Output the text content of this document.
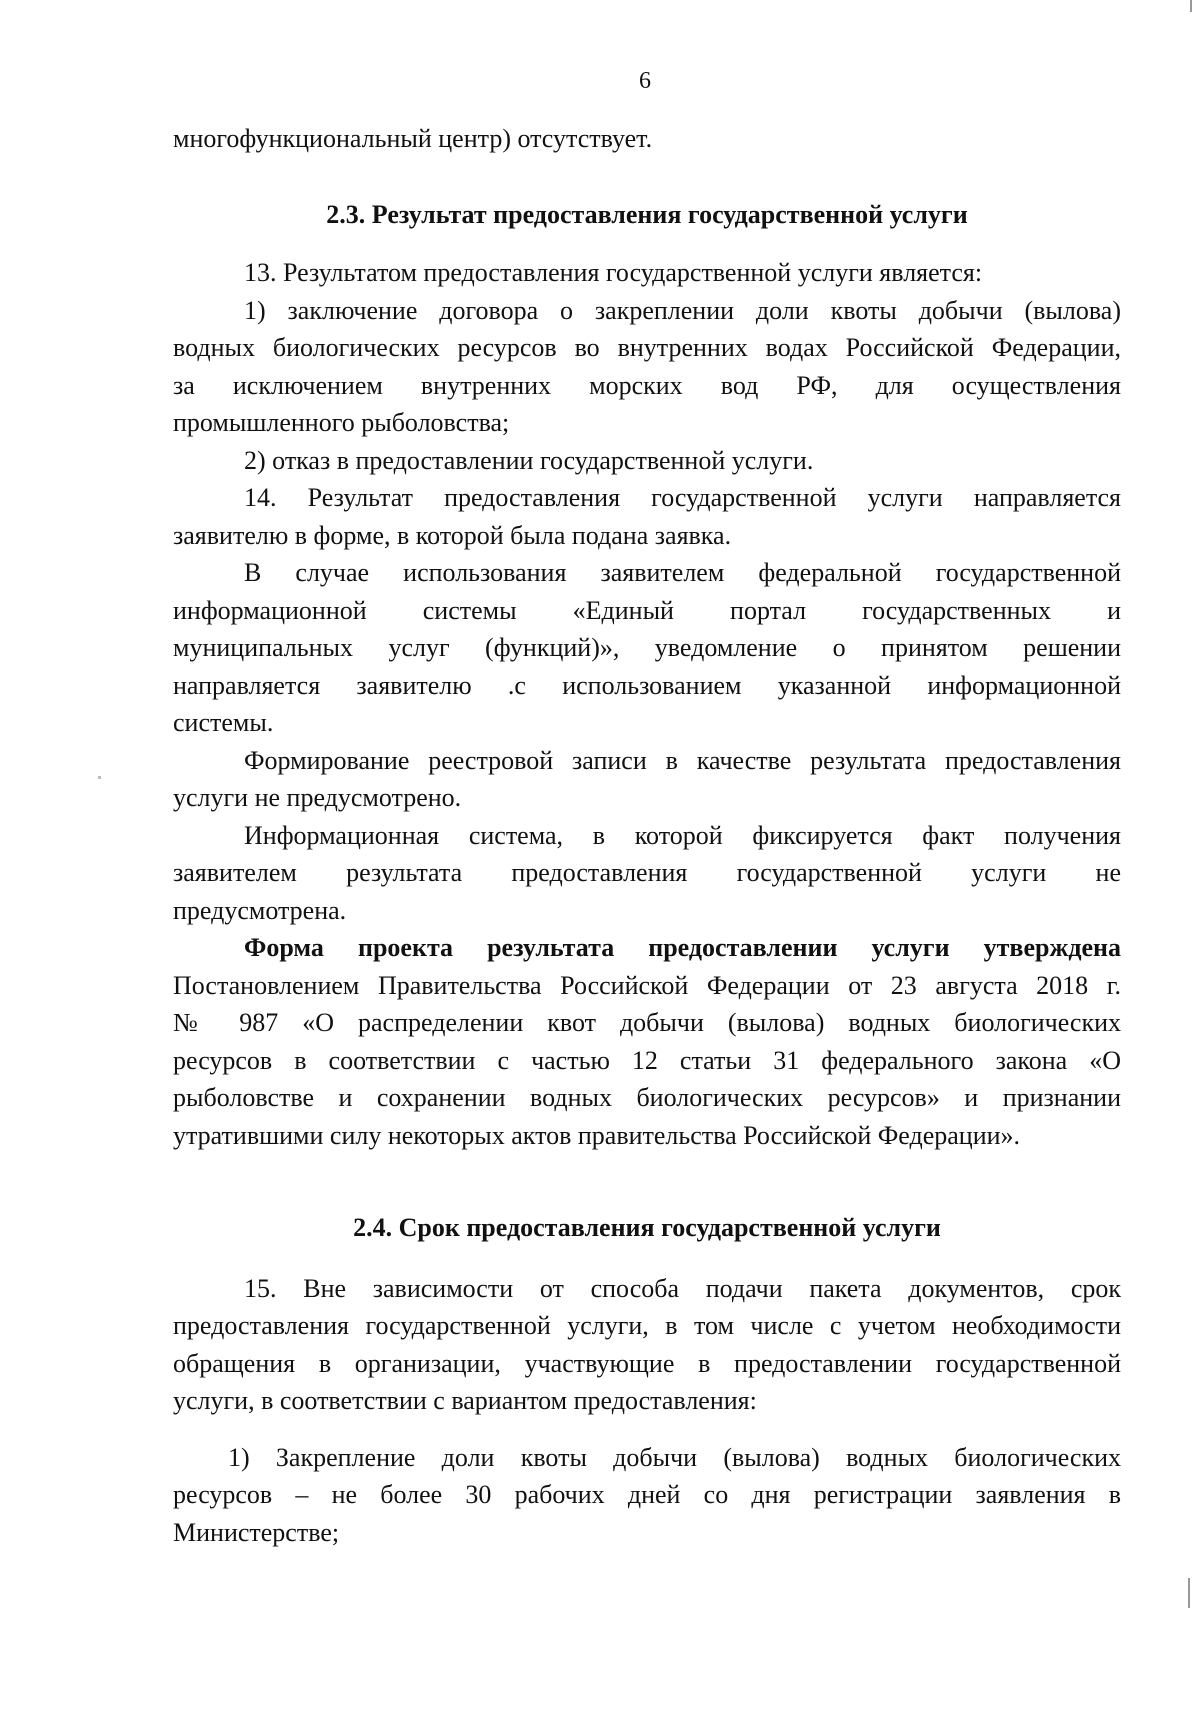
6
многофункциональный центр) отсутствует.
2.3. Результат предоставления государственной услуги
13. Результатом предоставления государственной услуги является:
1) заключение договора о закреплении доли квоты добычи (вылова)
водных биологических ресурсов во внутренних водах Российской Федерации,
за исключением внутренних морских вод РФ, для осуществления
промышленного рыболовства;
2) отказ в предоставлении государственной услуги.
14. Результат предоставления государственной услуги направляется
заявителю в форме, в которой была подана заявка.
В случае использования заявителем федеральной государственной
информационной системы «Единый портал государственных и
муниципальных услуг (функций)», уведомление о принятом решении
направляется заявителю .с использованием указанной информационной
системы.
Формирование реестровой записи в качестве результата предоставления
услуги не предусмотрено.
Информационная система, в которой фиксируется факт получения
заявителем результата предоставления государственной услуги не
предусмотрена.
Форма проекта результата предоставлении услуги утверждена
Постановлением Правительства Российской Федерации от 23 августа 2018 г.
№ 987 «О распределении квот добычи (вылова) водных биологических
ресурсов в соответствии с частью 12 статьи 31 федерального закона «О
рыболовстве и сохранении водных биологических ресурсов» и признании
утратившими силу некоторых актов правительства Российской Федерации».
2.4. Срок предоставления государственной услуги
15. Вне зависимости от способа подачи пакета документов, срок
предоставления государственной услуги, в том числе с учетом необходимости
обращения в организации, участвующие в предоставлении государственной
услуги, в соответствии с вариантом предоставления:
1) Закрепление доли квоты добычи (вылова) водных биологических
ресурсов – не более 30 рабочих дней со дня регистрации заявления в
Министерстве;
